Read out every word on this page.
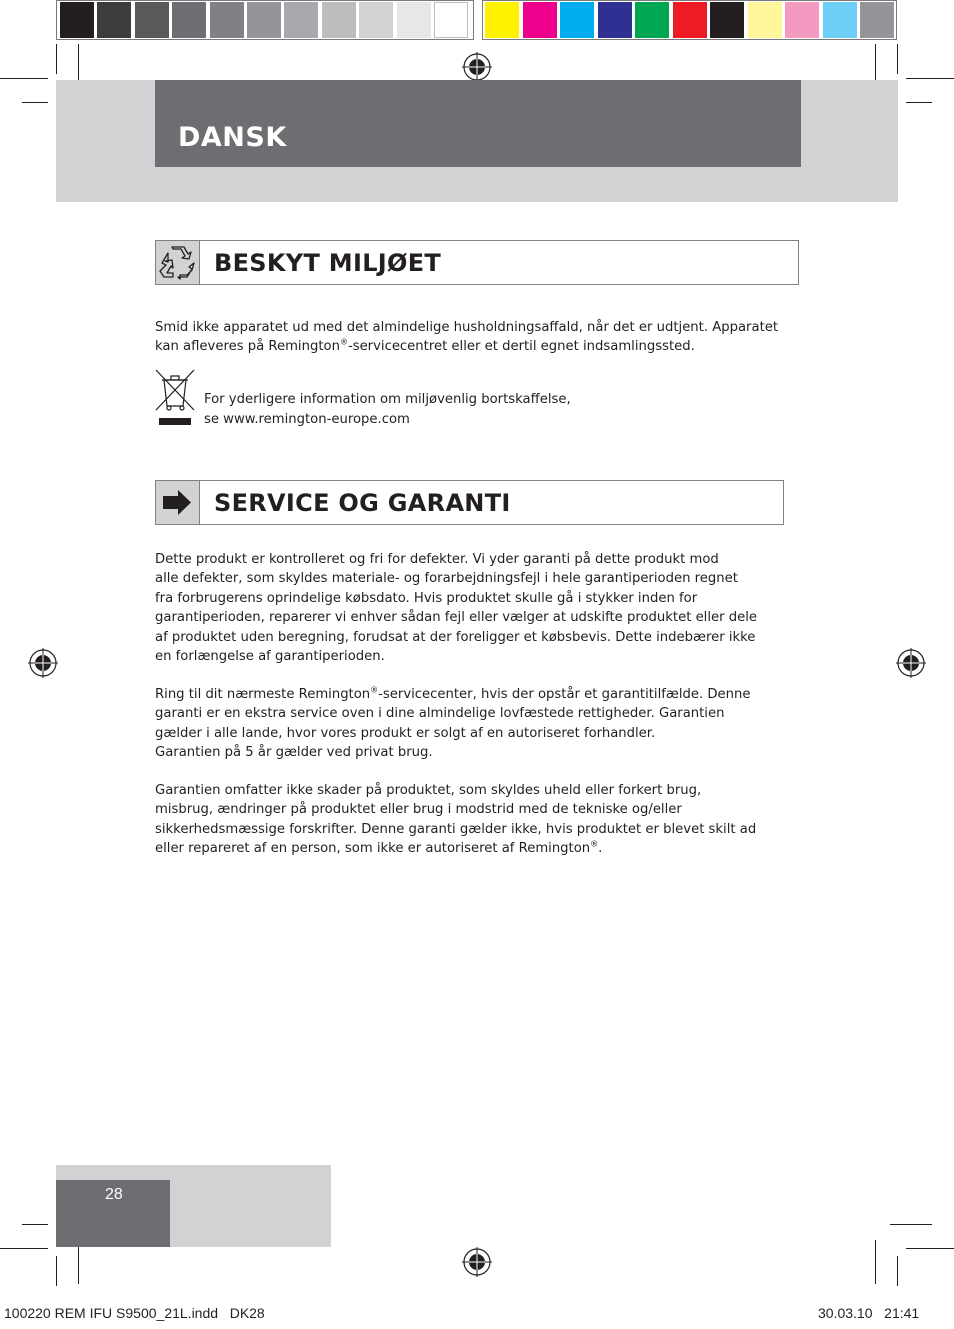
DANSK
BESKYT MILJØET

Smid ikke apparatet ud med det almindelige husholdningsaffald, når det er udtjent. Apparatet

kan afleveres på Remington®-servicecentret eller et dertil egnet indsamlingssted.

For yderligere information om miljøvenlig bortskaffelse,
se www.remington-europe.com
SERVICE OG GARANTI

Dette produkt er kontrolleret og fri for defekter. Vi yder garanti på dette produkt mod

alle defekter, som skyldes materiale- og forarbejdningsfejl i hele garantiperioden regnet

fra forbrugerens oprindelige købsdato. Hvis produktet skulle gå i stykker inden for

garantiperioden, reparerer vi enhver sådan fejl eller vælger at udskifte produktet eller dele

af produktet uden beregning, forudsat at der foreligger et købsbevis. Dette indebærer ikke

en forlængelse af garantiperioden.

Ring til dit nærmeste Remington®-servicecenter, hvis der opstår et garantitilfælde. Denne

garanti er en ekstra service oven i dine almindelige lovfæstede rettigheder. Garantien

gælder i alle lande, hvor vores produkt er solgt af en autoriseret forhandler.

Garantien på 5 år gælder ved privat brug.

Garantien omfatter ikke skader på produktet, som skyldes uheld eller forkert brug,

misbrug, ændringer på produktet eller brug i modstrid med de tekniske og/eller

sikkerhedsmæssige forskrifter. Denne garanti gælder ikke, hvis produktet er blevet skilt ad

eller repareret af en person, som ikke er autoriseret af Remington®.

28
100220 REM IFU S9500_21L.indd   DK28	30.03.10   21:41
